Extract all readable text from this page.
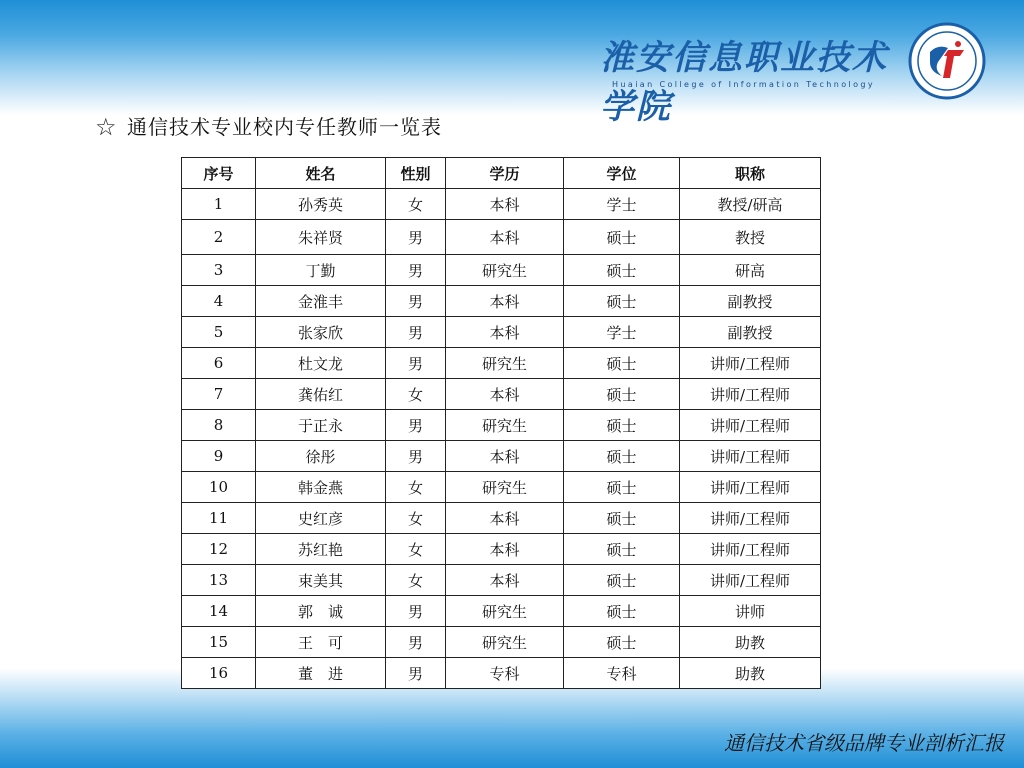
淮安信息职业技术学院
Huaian College of Information Technology
☆ 通信技术专业校内专任教师一览表
序号	姓名	性别	学历	学位	职称
1	孙秀英	女	本科	学士	教授/研高
2	朱祥贤	男	本科	硕士	教授
3	丁勤	男	研究生	硕士	研高
4	金淮丰	男	本科	硕士	副教授
5	张家欣	男	本科	学士	副教授
6	杜文龙	男	研究生	硕士	讲师/工程师
7	龚佑红	女	本科	硕士	讲师/工程师
8	于正永	男	研究生	硕士	讲师/工程师
9	徐彤	男	本科	硕士	讲师/工程师
10	韩金燕	女	研究生	硕士	讲师/工程师
11	史红彦	女	本科	硕士	讲师/工程师
12	苏红艳	女	本科	硕士	讲师/工程师
13	束美其	女	本科	硕士	讲师/工程师
14	郭　诚	男	研究生	硕士	讲师
15	王　可	男	研究生	硕士	助教
16	董　进	男	专科	专科	助教
通信技术省级品牌专业剖析汇报
